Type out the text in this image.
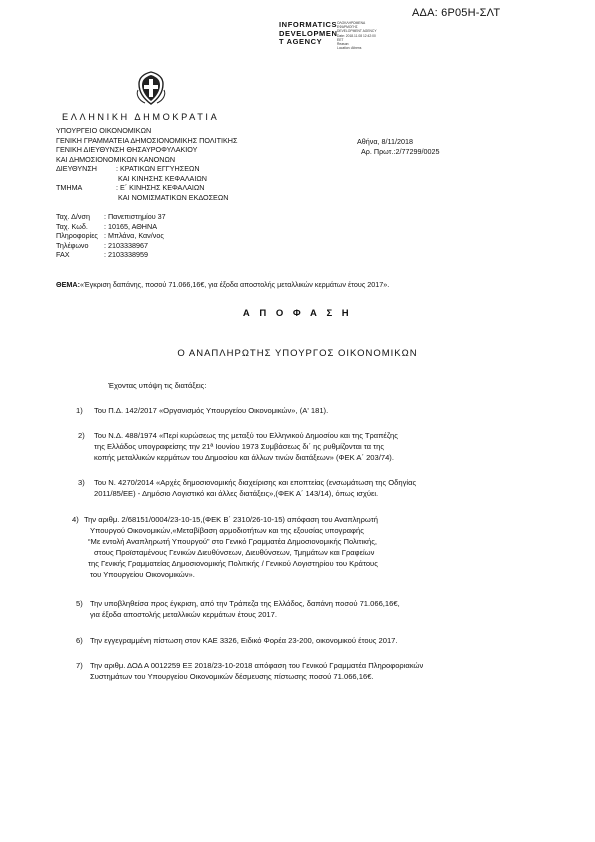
ΑΔΑ: 6Ρ05Η-ΣΛΤ
INFORMATICS
DEVELOPMEN
T AGENCY
ΟΛΟΚΛΗΡΩΜΕΝΑ
ΕΦΑΡΜΟΓΗΣ
DEVELOPMENT AGENCY
Date: 2018.11.08 12:42:00
EET
Reason:
Location: Athens
ΕΛΛΗΝΙΚΗ ΔΗΜΟΚΡΑΤΙΑ
ΥΠΟΥΡΓΕΙΟ ΟΙΚΟΝΟΜΙΚΩΝ
ΓΕΝΙΚΗ ΓΡΑΜΜΑΤΕΙΑ ΔΗΜΟΣΙΟΝΟΜΙΚΗΣ ΠΟΛΙΤΙΚΗΣ
ΓΕΝΙΚΗ ΔΙΕΥΘΥΝΣΗ ΘΗΣΑΥΡΟΦΥΛΑΚΙΟΥ
ΚΑΙ ΔΗΜΟΣΙΟΝΟΜΙΚΩΝ ΚΑΝΟΝΩΝ
ΔΙΕΥΘΥΝΣΗ	: ΚΡΑΤΙΚΩΝ ΕΓΓΥΗΣΕΩΝ
ΚΑΙ ΚΙΝΗΣΗΣ ΚΕΦΑΛΑΙΩΝ
ΤΜΗΜΑ	: Ε΄ ΚΙΝΗΣΗΣ ΚΕΦΑΛΑΙΩΝ
ΚΑΙ ΝΟΜΙΣΜΑΤΙΚΩΝ ΕΚΔΟΣΕΩΝ
Αθήνα, 8/11/2018
Αρ. Πρωτ.:2/77299/0025
Ταχ. Δ/νση : Πανεπιστημίου 37
Ταχ. Κωδ. : 10165, ΑΘΗΝΑ
Πληροφορίες : Μπλάνα, Καν/νος
Τηλέφωνο : 2103338967
FAX	: 2103338959
ΘΕΜΑ:«Έγκριση δαπάνης, ποσού 71.066,16€, για έξοδα αποστολής μεταλλικών κερμάτων έτους 2017».
Α Π Ο Φ Α Σ Η
Ο ΑΝΑΠΛΗΡΩΤΗΣ ΥΠΟΥΡΓΟΣ ΟΙΚΟΝΟΜΙΚΩΝ
Έχοντας υπόψη τις διατάξεις:
1) Του Π.Δ. 142/2017 «Οργανισμός Υπουργείου Οικονομικών», (Α' 181).
2) Του Ν.Δ. 488/1974 «Περί κυρώσεως της μεταξύ του Ελληνικού Δημοσίου και της Τραπέζης
της Ελλάδος υπογραφείσης την 21ª Ιουνίου 1973 Συμβάσεως δι΄ ης ρυθμίζονται τα της
κοπής μεταλλικών κερμάτων του Δημοσίου και άλλων τινών διατάξεων» (ΦΕΚ Α΄ 203/74).
3) Του Ν. 4270/2014 «Αρχές δημοσιονομικής διαχείρισης και εποπτείας (ενσωμάτωση της Οδηγίας
2011/85/ΕΕ) - Δημόσιο Λογιστικό και άλλες διατάξεις»,(ΦΕΚ Α΄ 143/14), όπως ισχύει.
4) Την αριθμ. 2/68151/0004/23-10-15,(ΦΕΚ Β΄ 2310/26-10-15) απόφαση του Αναπληρωτή
Υπουργού Οικονομικών,«Μεταβίβαση αρμοδιοτήτων και της εξουσίας υπογραφής
“Με εντολή Αναπληρωτή Υπουργού” στο Γενικό Γραμματέα Δημοσιονομικής Πολιτικής,
στους Προϊσταμένους Γενικών Διευθύνσεων, Διευθύνσεων, Τμημάτων και Γραφείων
της Γενικής Γραμματείας Δημοσιονομικής Πολιτικής / Γενικού Λογιστηρίου του Κράτους
του Υπουργείου Οικονομικών».
5) Την υποβληθείσα προς έγκριση, από την Τράπεζα της Ελλάδος, δαπάνη ποσού 71.066,16€,
για έξοδα αποστολής μεταλλικών κερμάτων έτους 2017.
6) Την εγγεγραμμένη πίστωση στον ΚΑΕ 3326, Ειδικό Φορέα 23-200, οικονομικού έτους 2017.
7) Την αριθμ. ΔΟΔ Α 0012259 ΕΞ 2018/23-10-2018 απόφαση του Γενικού Γραμματέα Πληροφοριακών
Συστημάτων του Υπουργείου Οικονομικών δέσμευσης πίστωσης ποσού 71.066,16€.
